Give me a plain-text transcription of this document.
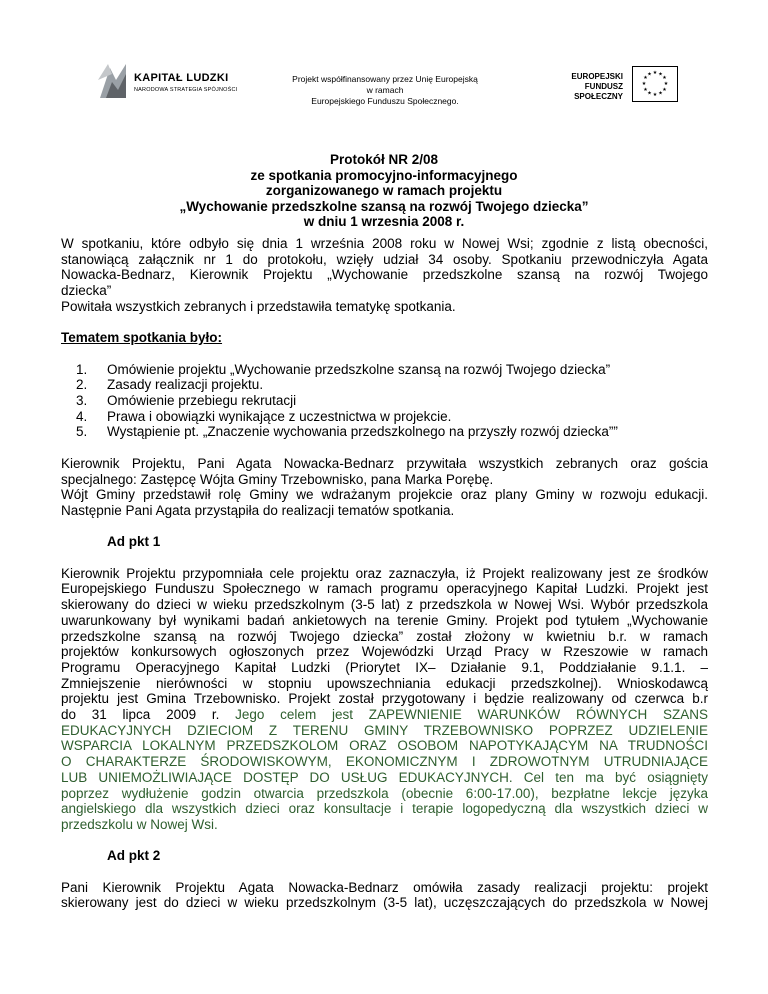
KAPITAŁ LUDZKI
NARODOWA STRATEGIA SPÓJNOŚCI
Projekt współfinansowany przez Unię Europejską
w ramach
Europejskiego Funduszu Społecznego.
EUROPEJSKI
FUNDUSZ SPOŁECZNY
★ ★
★
★
★
★
★
★
★
★
★
★
Protokół NR 2/08
ze spotkania promocyjno-informacyjnego
zorganizowanego w ramach projektu
„Wychowanie przedszkolne szansą na rozwój Twojego dziecka”
w dniu 1 wrzesnia 2008 r.

W spotkaniu, które odbyło się dnia 1 września 2008 roku w Nowej Wsi; zgodnie z listą obecności,

stanowiącą załącznik nr 1 do protokołu, wzięły udział 34 osoby. Spotkaniu przewodniczyła Agata

Nowacka-Bednarz, Kierownik Projektu „Wychowanie przedszkolne szansą na rozwój Twojego

dziecka”

Powitała wszystkich zebranych i przedstawiła tematykę spotkania.

Tematem spotkania było:

1. Omówienie projektu „Wychowanie przedszkolne szansą na rozwój Twojego dziecka”
2. Zasady realizacji projektu.
3. Omówienie przebiegu rekrutacji
4. Prawa i obowiązki wynikające z uczestnictwa w projekcie.
5. Wystąpienie pt. „Znaczenie wychowania przedszkolnego na przyszły rozwój dziecka””

Kierownik Projektu, Pani Agata Nowacka-Bednarz przywitała wszystkich zebranych oraz gościa

specjalnego: Zastępcę Wójta Gminy Trzebownisko, pana Marka Porębę.

Wójt Gminy przedstawił rolę Gminy we wdrażanym projekcie oraz plany Gminy w rozwoju edukacji.

Następnie Pani Agata przystąpiła do realizacji tematów spotkania.

Ad pkt 1

Kierownik Projektu przypomniała cele projektu oraz zaznaczyła, iż Projekt realizowany jest ze środków

Europejskiego Funduszu Społecznego w ramach programu operacyjnego Kapitał Ludzki. Projekt jest

skierowany do dzieci w wieku przedszkolnym (3-5 lat) z przedszkola w Nowej Wsi. Wybór przedszkola

uwarunkowany był wynikami badań ankietowych na terenie Gminy. Projekt pod tytułem „Wychowanie

przedszkolne szansą na rozwój Twojego dziecka” został złożony w kwietniu b.r. w ramach

projektów konkursowych ogłoszonych przez Wojewódzki Urząd Pracy w Rzeszowie w ramach

Programu Operacyjnego Kapitał Ludzki (Priorytet IX– Działanie 9.1, Poddziałanie 9.1.1. –

Zmniejszenie nierówności w stopniu upowszechniania edukacji przedszkolnej). Wnioskodawcą

projektu jest Gmina Trzebownisko. Projekt został przygotowany i będzie realizowany od czerwca b.r

do 31 lipca 2009 r. Jego celem jest ZAPEWNIENIE WARUNKÓW RÓWNYCH SZANS

EDUKACYJNYCH DZIECIOM Z TERENU GMINY TRZEBOWNISKO POPRZEZ UDZIELENIE

WSPARCIA LOKALNYM PRZEDSZKOLOM ORAZ OSOBOM NAPOTYKAJĄCYM NA TRUDNOŚCI

O CHARAKTERZE ŚRODOWISKOWYM, EKONOMICZNYM I ZDROWOTNYM UTRUDNIAJĄCE

LUB UNIEMOŻLIWIAJĄCE DOSTĘP DO USŁUG EDUKACYJNYCH. Cel ten ma być osiągnięty

poprzez wydłużenie godzin otwarcia przedszkola (obecnie 6:00-17.00), bezpłatne lekcje języka

angielskiego dla wszystkich dzieci oraz konsultacje i terapie logopedyczną dla wszystkich dzieci w

przedszkolu w Nowej Wsi.

Ad pkt 2

Pani Kierownik Projektu Agata Nowacka-Bednarz omówiła zasady realizacji projektu: projekt

skierowany jest do dzieci w wieku przedszkolnym (3-5 lat), uczęszczających do przedszkola w Nowej
